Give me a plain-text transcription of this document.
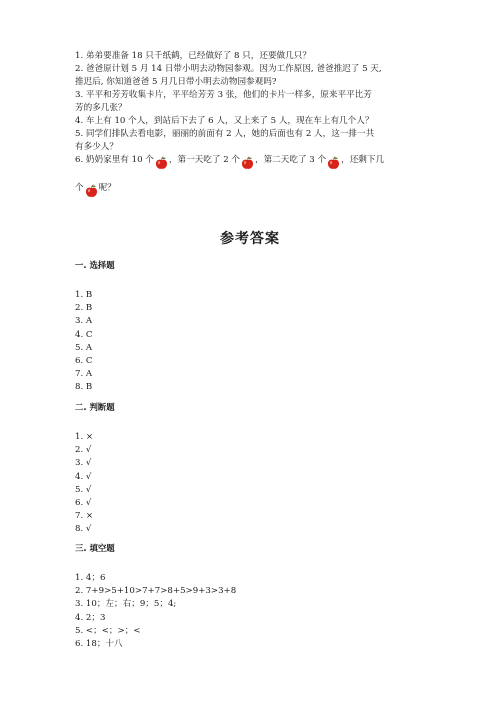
1. 弟弟要准备 18 只千纸鹤，已经做好了 8 只，还要做几只？

2. 爸爸原计划 5 月 14 日带小明去动物园参观。因为工作原因, 爸爸推迟了 5 天,

推迟后, 你知道爸爸 5 月几日带小明去动物园参观吗?

3. 平平和芳芳收集卡片，平平给芳芳 3 张，他们的卡片一样多，原来平平比芳

芳的多几张？

4. 车上有 10 个人，到站后下去了 6 人，又上来了 5 人，现在车上有几个人？

5. 同学们排队去看电影，丽丽的前面有 2 人，她的后面也有 2 人，这一排一共

有多少人？

6. 奶奶家里有 10 个 ，第一天吃了 2 个 ，第二天吃了 3 个 ，还剩下几
个 呢？
参考答案
一. 选择题
1. B
2. B
3. A
4. C
5. A
6. C
7. A
8. B
二. 判断题
1. ×
2. √
3. √
4. √
5. √
6. √
7. ×
8. √
三. 填空题
1. 4；6
2. 7+9>5+10>7+7>8+5>9+3>3+8
3. 10；左；右；9；5；4;
4. 2；3
5. <；<；>；<
6. 18；十八
